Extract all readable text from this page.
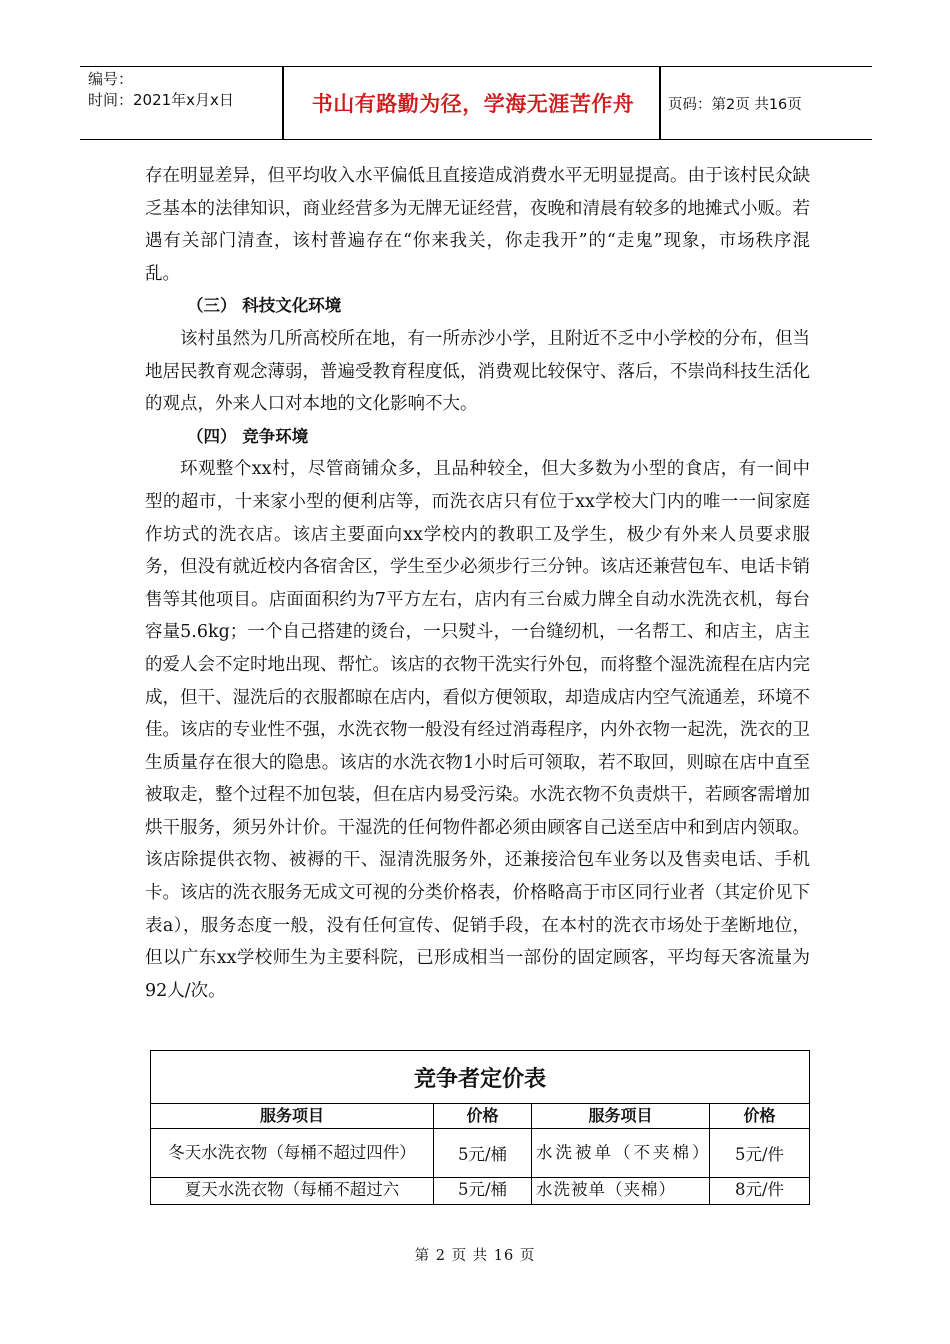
编号：
时间：2021年x月x日	书山有路勤为径，学海无涯苦作舟	页码：第2页 共16页

存在明显差异，但平均收入水平偏低且直接造成消费水平无明显提高。由于该村民众缺乏基本的法律知识，商业经营多为无牌无证经营，夜晚和清晨有较多的地摊式小贩。若遇有关部门清查，该村普遍存在“你来我关，你走我开”的“走鬼”现象，市场秩序混乱。

（三） 科技文化环境

该村虽然为几所高校所在地，有一所赤沙小学，且附近不乏中小学校的分布，但当地居民教育观念薄弱，普遍受教育程度低，消费观比较保守、落后，不崇尚科技生活化的观点，外来人口对本地的文化影响不大。

（四） 竞争环境

环观整个xx村，尽管商铺众多，且品种较全，但大多数为小型的食店，有一间中型的超市，十来家小型的便利店等，而洗衣店只有位于xx学校大门内的唯一一间家庭作坊式的洗衣店。该店主要面向xx学校内的教职工及学生，极少有外来人员要求服务，但没有就近校内各宿舍区，学生至少必须步行三分钟。该店还兼营包车、电话卡销售等其他项目。店面面积约为7平方左右，店内有三台威力牌全自动水洗洗衣机，每台容量5.6kg；一个自己搭建的烫台，一只熨斗，一台缝纫机，一名帮工、和店主，店主的爱人会不定时地出现、帮忙。该店的衣物干洗实行外包，而将整个湿洗流程在店内完成，但干、湿洗后的衣服都晾在店内，看似方便领取，却造成店内空气流通差，环境不佳。该店的专业性不强，水洗衣物一般没有经过消毒程序，内外衣物一起洗，洗衣的卫生质量存在很大的隐患。该店的水洗衣物1小时后可领取，若不取回，则晾在店中直至被取走，整个过程不加包装，但在店内易受污染。水洗衣物不负责烘干，若顾客需增加烘干服务，须另外计价。干湿洗的任何物件都必须由顾客自己送至店中和到店内领取。该店除提供衣物、被褥的干、湿清洗服务外，还兼接洽包车业务以及售卖电话、手机卡。该店的洗衣服务无成文可视的分类价格表，价格略高于市区同行业者（其定价见下表a），服务态度一般，没有任何宣传、促销手段，在本村的洗衣市场处于垄断地位，但以广东xx学校师生为主要科院，已形成相当一部份的固定顾客，平均每天客流量为92人/次。

竞争者定价表			
服务项目	价格	服务项目	价格
冬天水洗衣物（每桶不超过四件）	5元/桶	水洗被单（不夹棉）	5元/件
夏天水洗衣物（每桶不超过六	5元/桶	水洗被单（夹棉）	8元/件
第 2 页 共 16 页
